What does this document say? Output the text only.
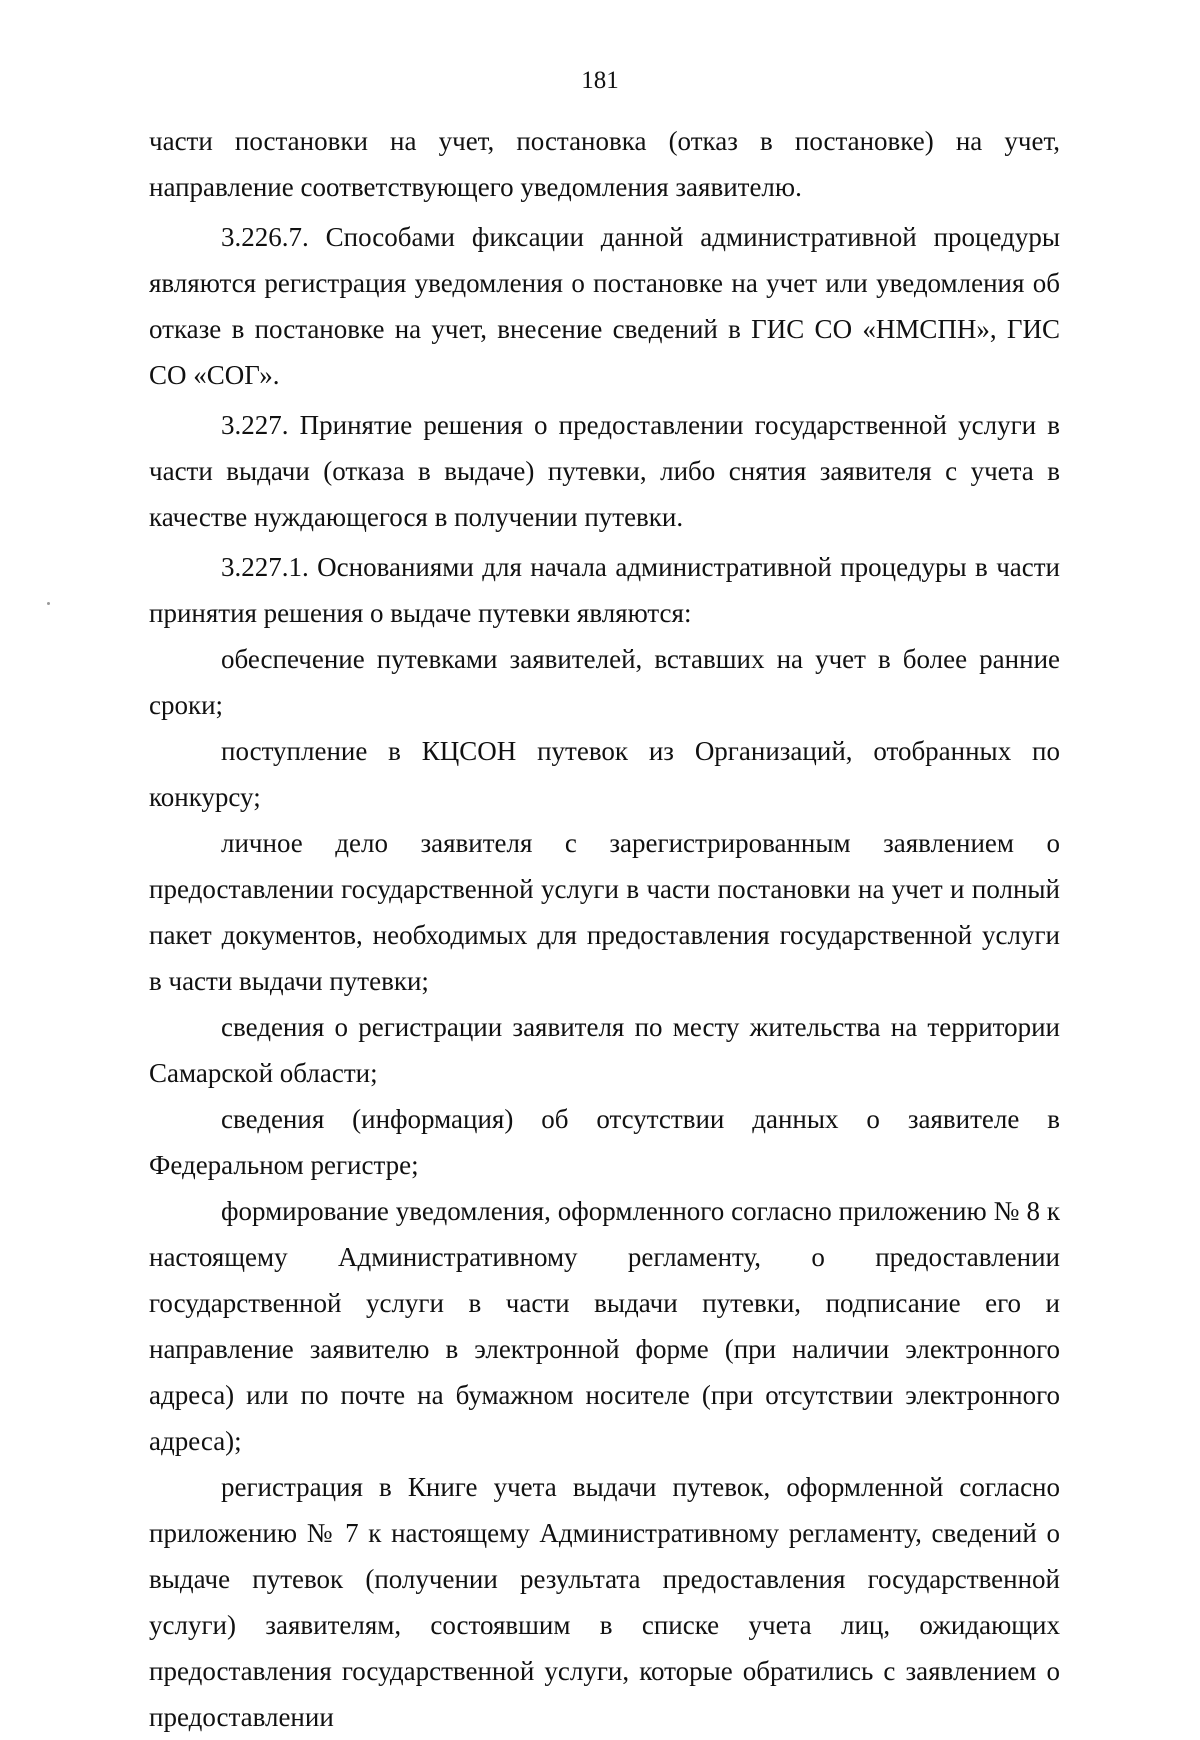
181

части постановки на учет, постановка (отказ в постановке) на учет, направление соответствующего уведомления заявителю.

3.226.7. Способами фиксации данной административной процедуры являются регистрация уведомления о постановке на учет или уведомления об отказе в постановке на учет, внесение сведений в ГИС СО «НМСПН», ГИС СО «СОГ».

3.227. Принятие решения о предоставлении государственной услуги в части выдачи (отказа в выдаче) путевки, либо снятия заявителя с учета в качестве нуждающегося в получении путевки.

3.227.1. Основаниями для начала административной процедуры в части принятия решения о выдаче путевки являются:

обеспечение путевками заявителей, вставших на учет в более ранние сроки;

поступление в КЦСОН путевок из Организаций, отобранных по конкурсу;

личное дело заявителя с зарегистрированным заявлением о предоставлении государственной услуги в части постановки на учет и полный пакет документов, необходимых для предоставления государственной услуги в части выдачи путевки;

сведения о регистрации заявителя по месту жительства на территории Самарской области;

сведения (информация) об отсутствии данных о заявителе в Федеральном регистре;

формирование уведомления, оформленного согласно приложению № 8 к настоящему Административному регламенту, о предоставлении государственной услуги в части выдачи путевки, подписание его и направление заявителю в электронной форме (при наличии электронного адреса) или по почте на бумажном носителе (при отсутствии электронного адреса);

регистрация в Книге учета выдачи путевок, оформленной согласно приложению № 7 к настоящему Административному регламенту, сведений о выдаче путевок (получении результата предоставления государственной услуги) заявителям, состоявшим в списке учета лиц, ожидающих предоставления государственной услуги, которые обратились с заявлением о предоставлении
